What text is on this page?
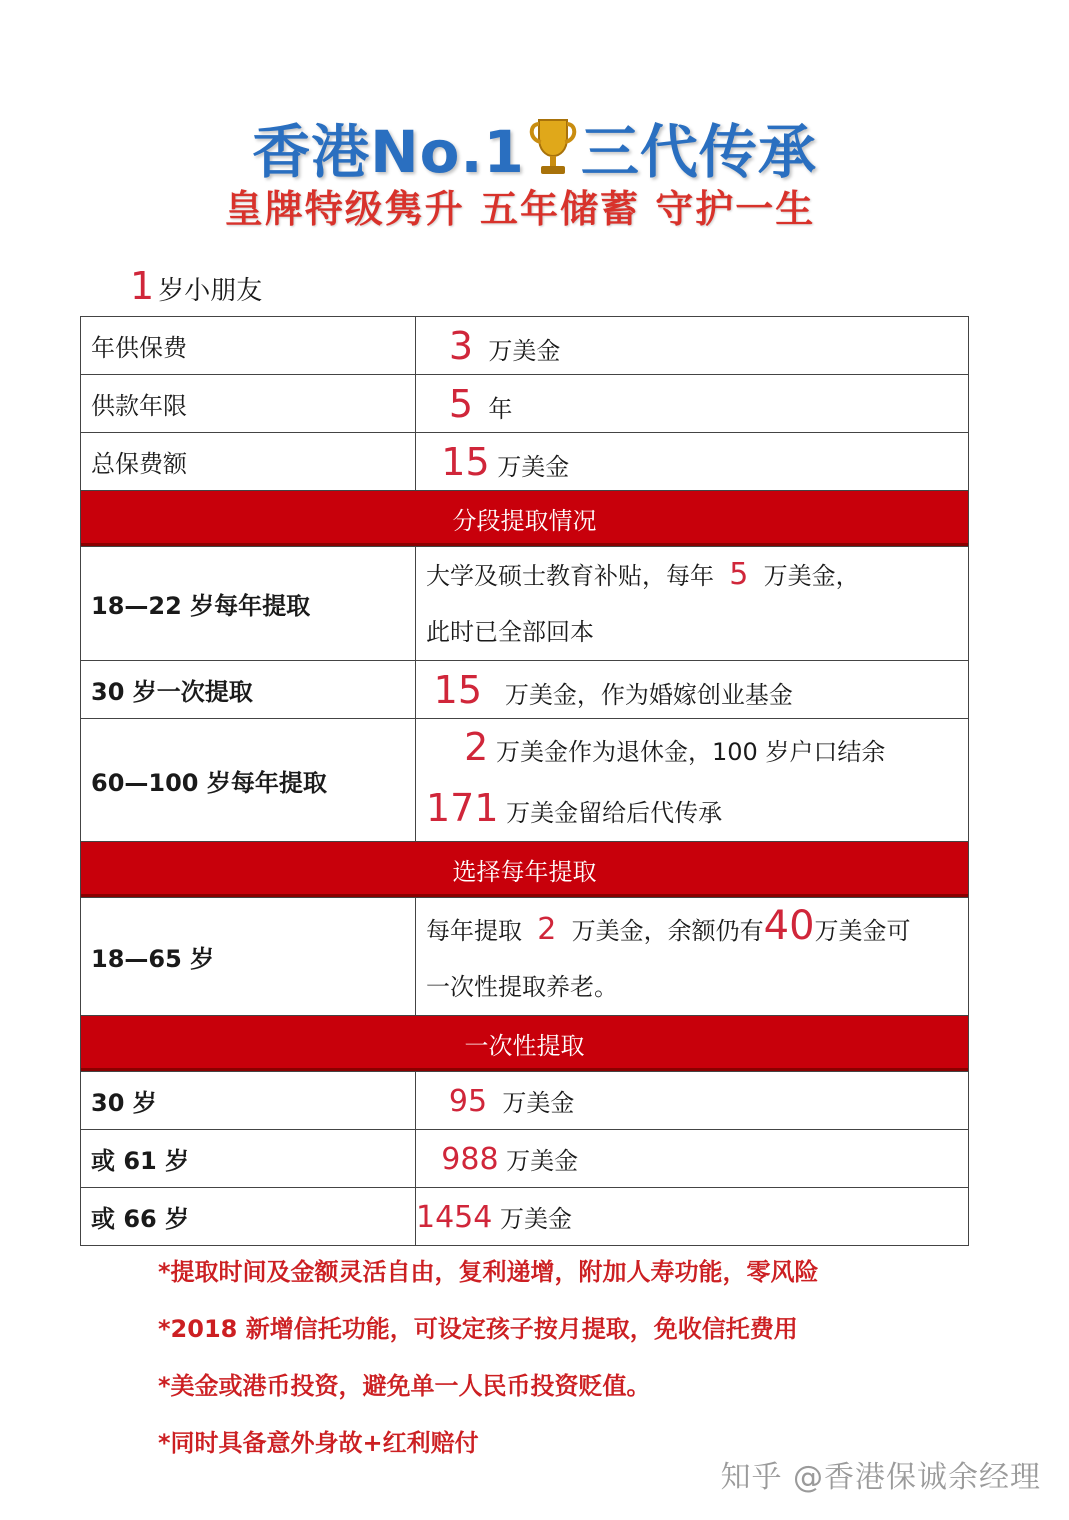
香港No.1 三代传承
皇牌特级隽升 五年储蓄 守护一生
1 岁小朋友
年供保费	3 万美金
供款年限	5 年
总保费额	15 万美金
分段提取情况	
18—22 岁每年提取	大学及硕士教育补贴，每年 5 万美金，
此时已全部回本

30 岁一次提取	15 万美金，作为婚嫁创业基金
60—100 岁每年提取	2 万美金作为退休金，100 岁户口结余
171 万美金留给后代传承

选择每年提取	
18—65 岁	每年提取 2 万美金，余额仍有40万美金可
一次性提取养老。

一次性提取	
30 岁	95 万美金
或 61 岁	988 万美金
或 66 岁	1454 万美金
*提取时间及金额灵活自由，复利递增，附加人寿功能，零风险
*2018 新增信托功能，可设定孩子按月提取，免收信托费用
*美金或港币投资，避免单一人民币投资贬值。
*同时具备意外身故+红利赔付
知乎 @香港保诚余经理
